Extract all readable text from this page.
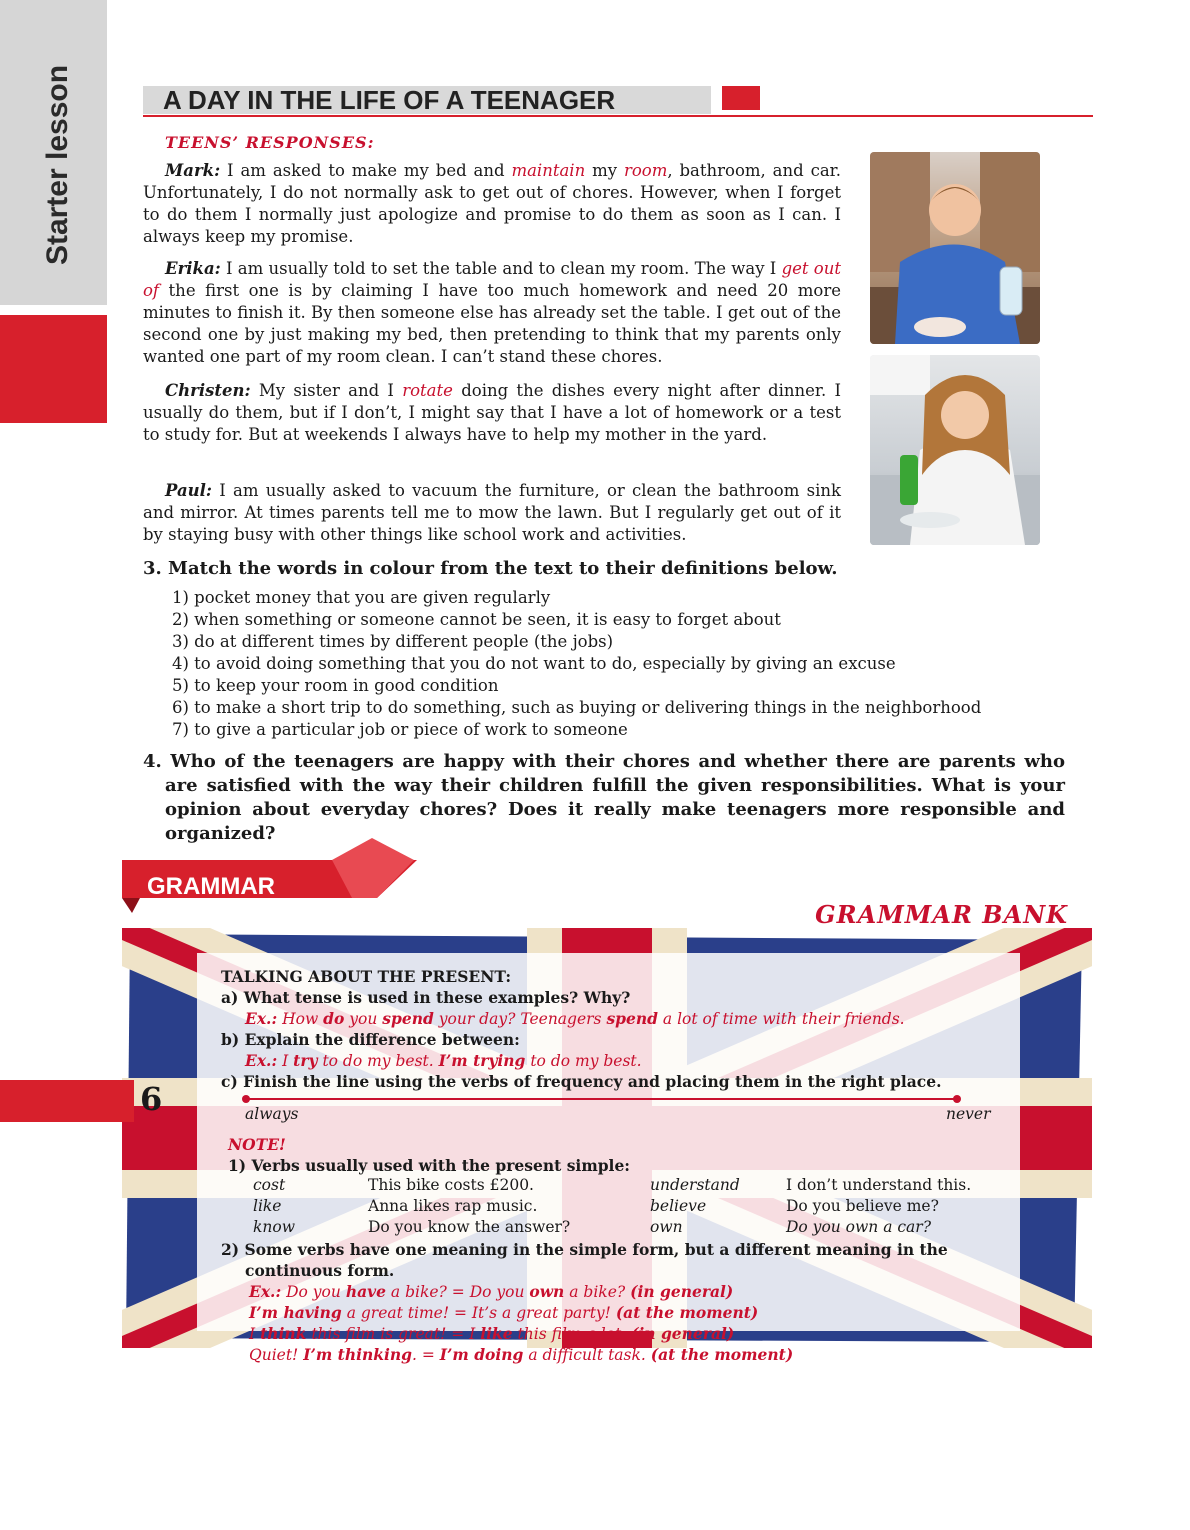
Starter lesson	A DAY IN THE LIFE OF A TEENAGER
TEENS’ RESPONSES:
Mark: I am asked to make my bed and maintain my room, bathroom, and car. Unfortunately, I do not normally ask to get out of chores. However, when I forget to do them I normally just apologize and promise to do them as soon as I can. I always keep my promise.
Erika: I am usually told to set the table and to clean my room. The way I get out of the first one is by claiming I have too much homework and need 20 more minutes to finish it. By then someone else has already set the table. I get out of the second one by just making my bed, then pretending to think that my parents only wanted one part of my room clean. I can’t stand these chores.
Christen: My sister and I rotate doing the dishes every night after dinner. I usually do them, but if I don’t, I might say that I have a lot of homework or a test to study for. But at weekends I always have to help my mother in the yard.
Paul: I am usually asked to vacuum the furniture, or clean the bathroom sink and mirror. At times parents tell me to mow the lawn. But I regularly get out of it by staying busy with other things like school work and activities.
3. Match the words in colour from the text to their definitions below.
1) pocket money that you are given regularly
2) when something or someone cannot be seen, it is easy to forget about
3) do at different times by different people (the jobs)
4) to avoid doing something that you do not want to do, especially by giving an excuse
5) to keep your room in good condition
6) to make a short trip to do something, such as buying or delivering things in the neighborhood
7) to give a particular job or piece of work to someone
4. Who of the teenagers are happy with their chores and whether there are parents who are satisfied with the way their children fulfill the given responsibilities. What is your opinion about everyday chores? Does it really make teenagers more responsible and organized?
GRAMMAR
GRAMMAR BANK
TALKING ABOUT THE PRESENT:
a) What tense is used in these examples? Why?
Ex.: How do you spend your day? Teenagers spend a lot of time with their friends.
b) Explain the difference between:
Ex.: I try to do my best. I’m trying to do my best.
c) Finish the line using the verbs of frequency and placing them in the right place.
always	never
NOTE!
1) Verbs usually used with the present simple:
cost	This bike costs £200.	understand	I don’t understand this.
like	Anna likes rap music.	believe	Do you believe me?
know	Do you know the answer?	own	Do you own a car?
2) Some verbs have one meaning in the simple form, but a different meaning in the
continuous form.
Ex.: Do you have a bike? = Do you own a bike? (in general)
I’m having a great time! = It’s a great party! (at the moment)
I think this film is great! = I like this film a lot. (in general)
Quiet! I’m thinking. = I’m doing a difficult task. (at the moment)
6
